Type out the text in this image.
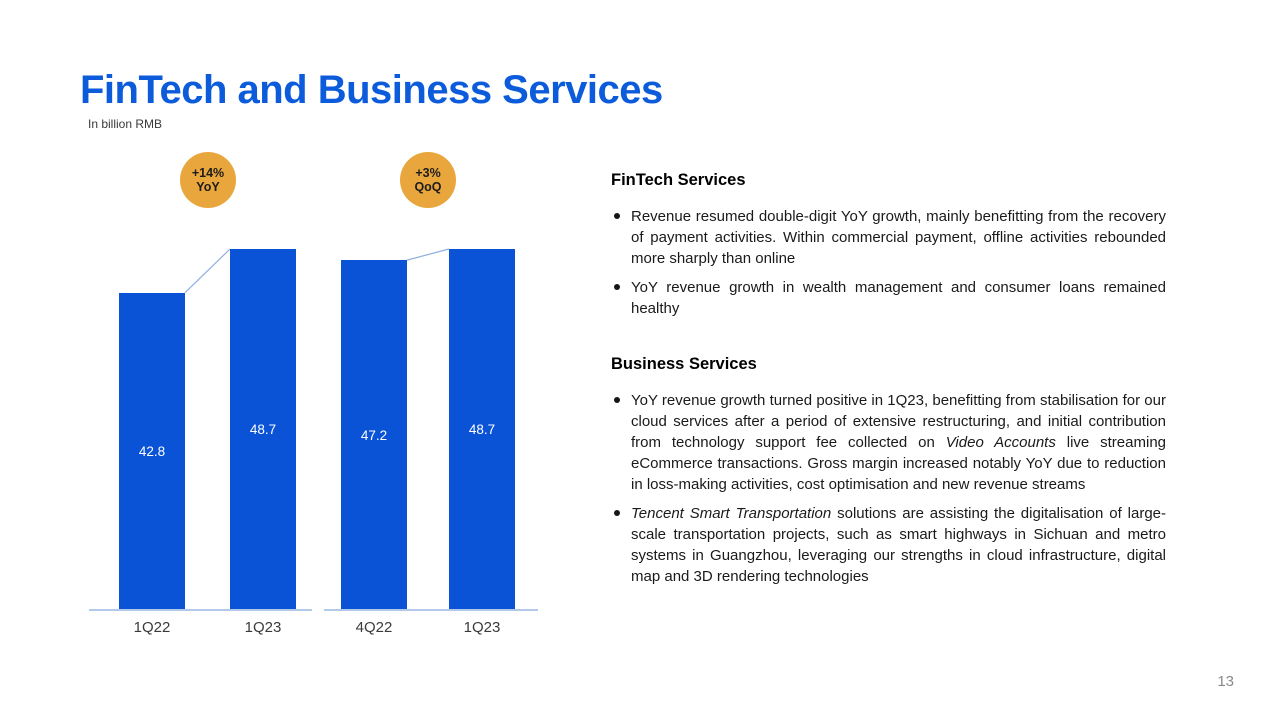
FinTech and Business Services
In billion RMB
+14%
YoY
+3%
QoQ
42.8
1Q22
48.7
1Q23
47.2
4Q22
48.7
1Q23
FinTech Services
Revenue resumed double-digit YoY growth, mainly benefitting from the recovery of payment activities. Within commercial payment, offline activities rebounded more sharply than online
YoY revenue growth in wealth management and consumer loans remained healthy
Business Services
YoY revenue growth turned positive in 1Q23, benefitting from stabilisation for our cloud services after a period of extensive restructuring, and initial contribution from technology support fee collected on Video Accounts live streaming eCommerce transactions. Gross margin increased notably YoY due to reduction in loss-making activities, cost optimisation and new revenue streams
Tencent Smart Transportation solutions are assisting the digitalisation of large-scale transportation projects, such as smart highways in Sichuan and metro systems in Guangzhou, leveraging our strengths in cloud infrastructure, digital map and 3D rendering technologies
13
